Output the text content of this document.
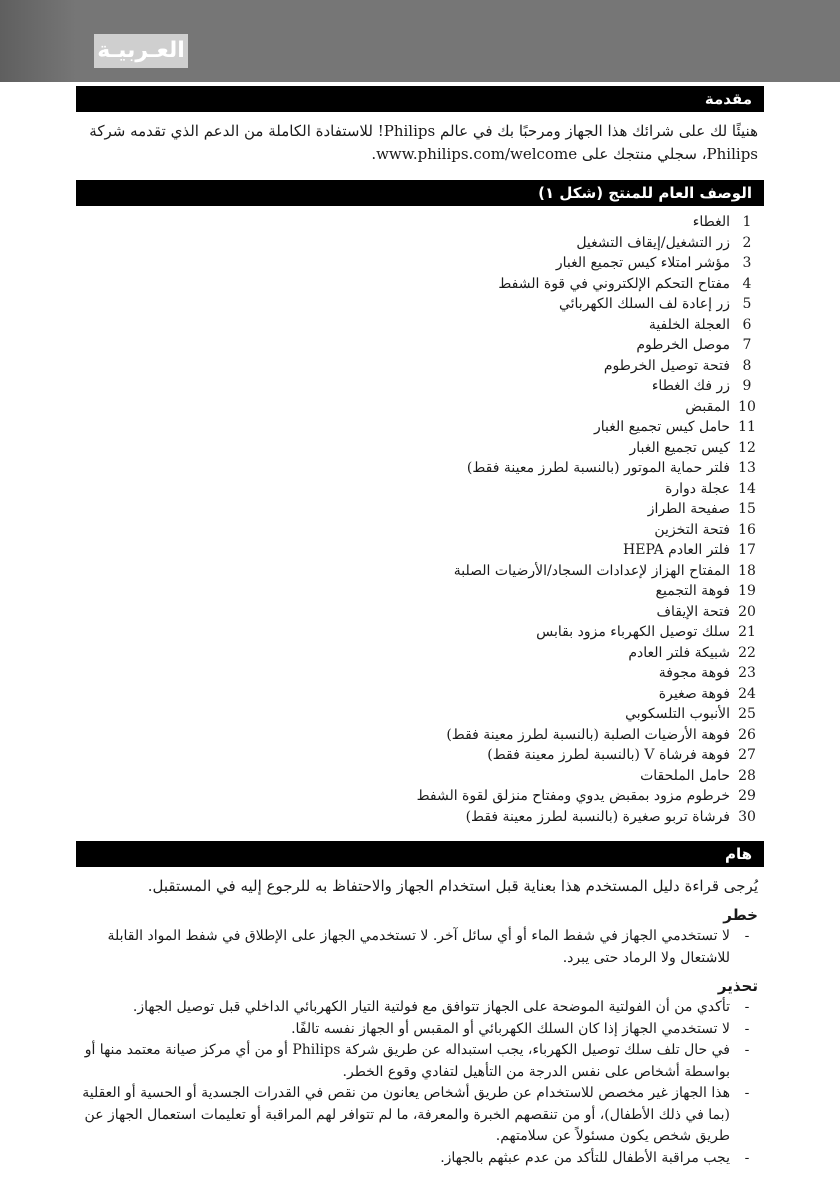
العـربيـة
مقدمة

هنيئًا لك على شرائك هذا الجهاز ومرحبًا بك في عالم Philips! للاستفادة الكاملة من الدعم الذي تقدمه شركة Philips، سجلي منتجك على www.philips.com/welcome.

الوصف العام للمنتج (شكل ١)
1
الغطاء
2
زر التشغيل/إيقاف التشغيل
3
مؤشر امتلاء كيس تجميع الغبار
4
مفتاح التحكم الإلكتروني في قوة الشفط
5
زر إعادة لف السلك الكهربائي
6
العجلة الخلفية
7
موصل الخرطوم
8
فتحة توصيل الخرطوم
9
زر فك الغطاء
10
المقبض
11
حامل كيس تجميع الغبار
12
كيس تجميع الغبار
13
فلتر حماية الموتور (بالنسبة لطرز معينة فقط)
14
عجلة دوارة
15
صفيحة الطراز
16
فتحة التخزين
17
فلتر العادم HEPA
18
المفتاح الهزاز لإعدادات السجاد/الأرضيات الصلبة
19
فوهة التجميع
20
فتحة الإيقاف
21
سلك توصيل الكهرباء مزود بقابس
22
شبيكة فلتر العادم
23
فوهة مجوفة
24
فوهة صغيرة
25
الأنبوب التلسكوبي
26
فوهة الأرضيات الصلبة (بالنسبة لطرز معينة فقط)
27
فوهة فرشاة V (بالنسبة لطرز معينة فقط)
28
حامل الملحقات
29
خرطوم مزود بمقبض يدوي ومفتاح منزلق لقوة الشفط
30
فرشاة تربو صغيرة (بالنسبة لطرز معينة فقط)
هام

يُرجى قراءة دليل المستخدم هذا بعناية قبل استخدام الجهاز والاحتفاظ به للرجوع إليه في المستقبل.

خطر
-
لا تستخدمي الجهاز في شفط الماء أو أي سائل آخر. لا تستخدمي الجهاز على الإطلاق في شفط المواد القابلة للاشتعال ولا الرماد حتى يبرد.
تحذير
-
تأكدي من أن الفولتية الموضحة على الجهاز تتوافق مع فولتية التيار الكهربائي الداخلي قبل توصيل الجهاز.
-
لا تستخدمي الجهاز إذا كان السلك الكهربائي أو المقبس أو الجهاز نفسه تالفًا.
-
في حال تلف سلك توصيل الكهرباء، يجب استبداله عن طريق شركة Philips أو من أي مركز صيانة معتمد منها أو بواسطة أشخاص على نفس الدرجة من التأهيل لتفادي وقوع الخطر.
-
هذا الجهاز غير مخصص للاستخدام عن طريق أشخاص يعانون من نقص في القدرات الجسدية أو الحسية أو العقلية (بما في ذلك الأطفال)، أو من تنقصهم الخبرة والمعرفة، ما لم تتوافر لهم المراقبة أو تعليمات استعمال الجهاز عن طريق شخص يكون مسئولاً عن سلامتهم.
-
يجب مراقبة الأطفال للتأكد من عدم عبثهم بالجهاز.
